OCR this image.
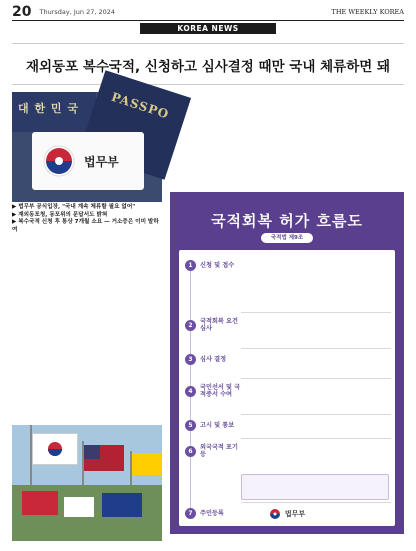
20 Thursday, Jun 27, 2024	THE WEEKLY KOREA
KOREA NEWS
재외동포 복수국적, 신청하고 심사결정 때만 국내 체류하면 돼
대 한 민 국	PASSPO
법무부
▶ 법무부 공식입장, "국내 계속 체류할 필요 없어"
▶ 재외동포청, 동포위의 문답서도 밝혀
▶ 복수국적 신청 후 통상 7개월 소요 — 거소증은 이미 발하여	국적회복 허가 흐름도
국적법 제9조
1	신청 및 접수
2	국적회복 요건 심사
3	심사 결정
4	국민선서 및 국적증서 수여
5	고시 및 통보
6	외국국적 포기 등
7	주민등록	법무부
